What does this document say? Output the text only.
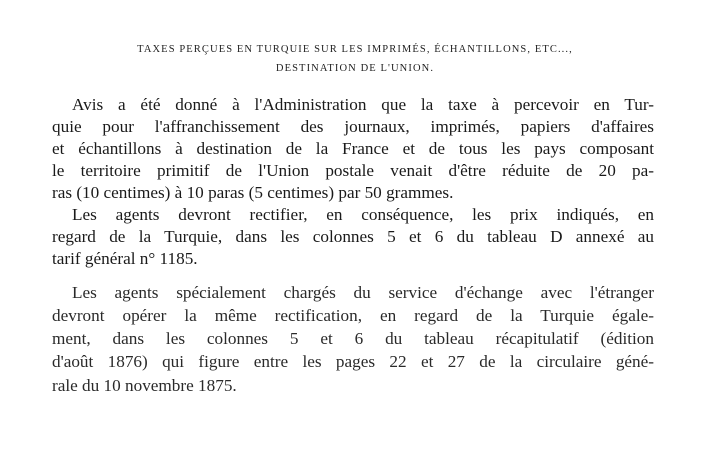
TAXES PERÇUES EN TURQUIE SUR LES IMPRIMÉS, ÉCHANTILLONS, ETC...,
DESTINATION DE L'UNION.
Avis a été donné à l'Administration que la taxe à percevoir en Tur-
quie pour l'affranchissement des journaux, imprimés, papiers d'affaires
et échantillons à destination de la France et de tous les pays composant
le territoire primitif de l'Union postale venait d'être réduite de 20 pa-
ras (10 centimes) à 10 paras (5 centimes) par 50 grammes.
Les agents devront rectifier, en conséquence, les prix indiqués, en
regard de la Turquie, dans les colonnes 5 et 6 du tableau D annexé au
tarif général n° 1185.
Les agents spécialement chargés du service d'échange avec l'étranger
devront opérer la même rectification, en regard de la Turquie égale-
ment, dans les colonnes 5 et 6 du tableau récapitulatif (édition
d'août 1876) qui figure entre les pages 22 et 27 de la circulaire géné-
rale du 10 novembre 1875.
